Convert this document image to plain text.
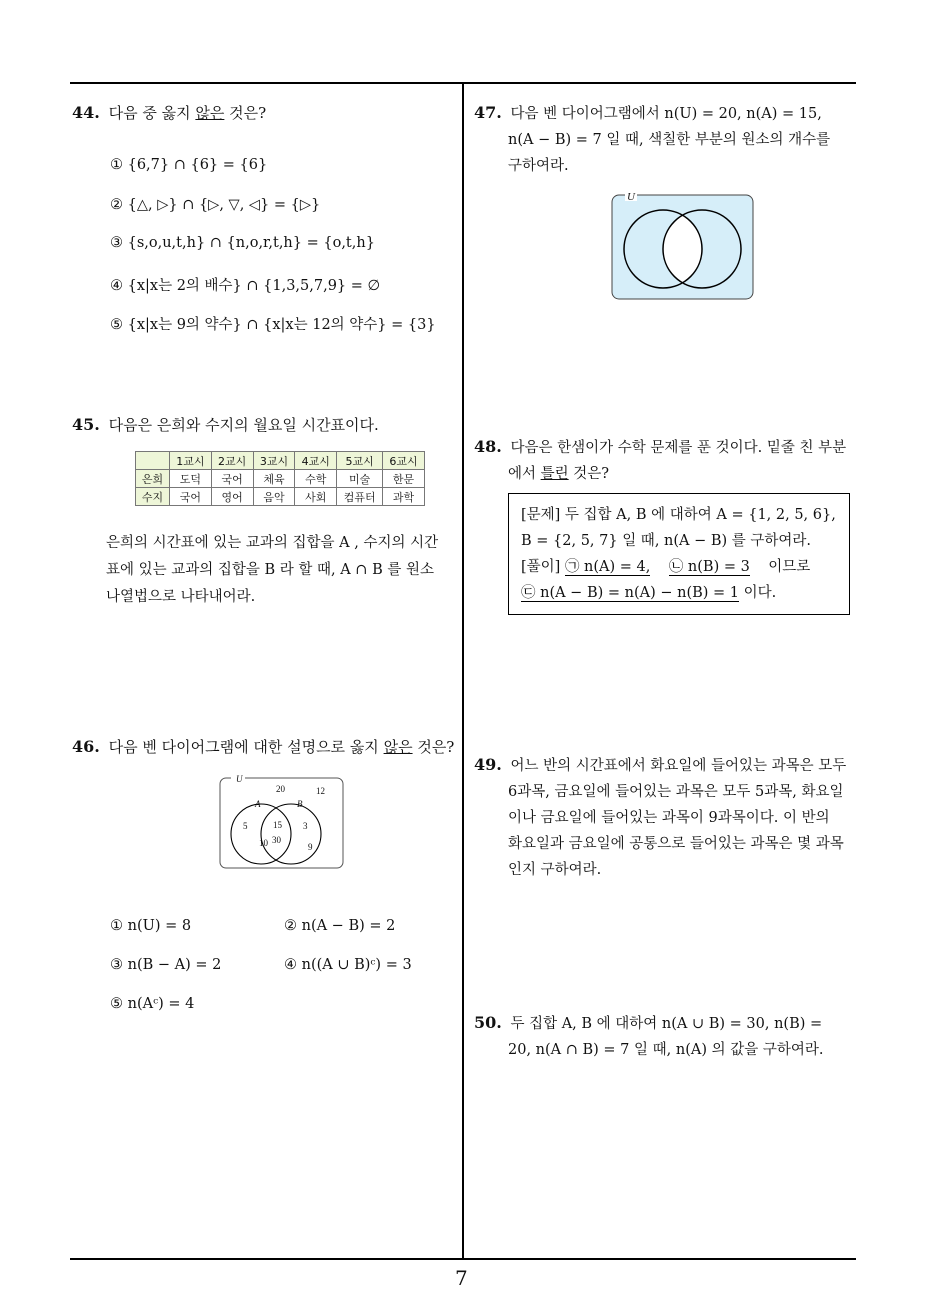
44. 다음 중 옳지 않은 것은?
① {6,7} ∩ {6} = {6}
② {△, ▷} ∩ {▷, ▽, ◁} = {▷}
③ {s,o,u,t,h} ∩ {n,o,r,t,h} = {o,t,h}
④ {x|x는 2의 배수} ∩ {1,3,5,7,9} = ∅
⑤ {x|x는 9의 약수} ∩ {x|x는 12의 약수} = {3}
45. 다음은 은희와 수지의 월요일 시간표이다.
	1교시	2교시	3교시	4교시	5교시	6교시
은희	도덕	국어	체육	수학	미술	한문
수지	국어	영어	음악	사회	컴퓨터	과학
은희의 시간표에 있는 교과의 집합을 A , 수지의 시간
표에 있는 교과의 집합을 B 라 할 때, A ∩ B 를 원소
나열법으로 나타내어라.
46. 다음 벤 다이어그램에 대한 설명으로 옳지 않은 것은?
U
A	B
20	12
5	15 3
10 30
9
① n(U) = 8	② n(A − B) = 2
③ n(B − A) = 2	④ n((A ∪ B)ᶜ) = 3
⑤ n(Aᶜ) = 4
47. 다음 벤 다이어그램에서 n(U) = 20, n(A) = 15,
n(A − B) = 7 일 때, 색칠한 부분의 원소의 개수를
구하여라.
U
48. 다음은 한샘이가 수학 문제를 푼 것이다. 밑줄 친 부분
에서 틀린 것은?
[문제] 두 집합 A, B 에 대하여 A = {1, 2, 5, 6},
B = {2, 5, 7} 일 때, n(A − B) 를 구하여라.
[풀이] ㉠ n(A) = 4, ㉡ n(B) = 3 이므로
㉢ n(A − B) = n(A) − n(B) = 1 이다.
49. 어느 반의 시간표에서 화요일에 들어있는 과목은 모두
6과목, 금요일에 들어있는 과목은 모두 5과목, 화요일
이나 금요일에 들어있는 과목이 9과목이다. 이 반의
화요일과 금요일에 공통으로 들어있는 과목은 몇 과목
인지 구하여라.
50. 두 집합 A, B 에 대하여 n(A ∪ B) = 30, n(B) =
20, n(A ∩ B) = 7 일 때, n(A) 의 값을 구하여라.
7
